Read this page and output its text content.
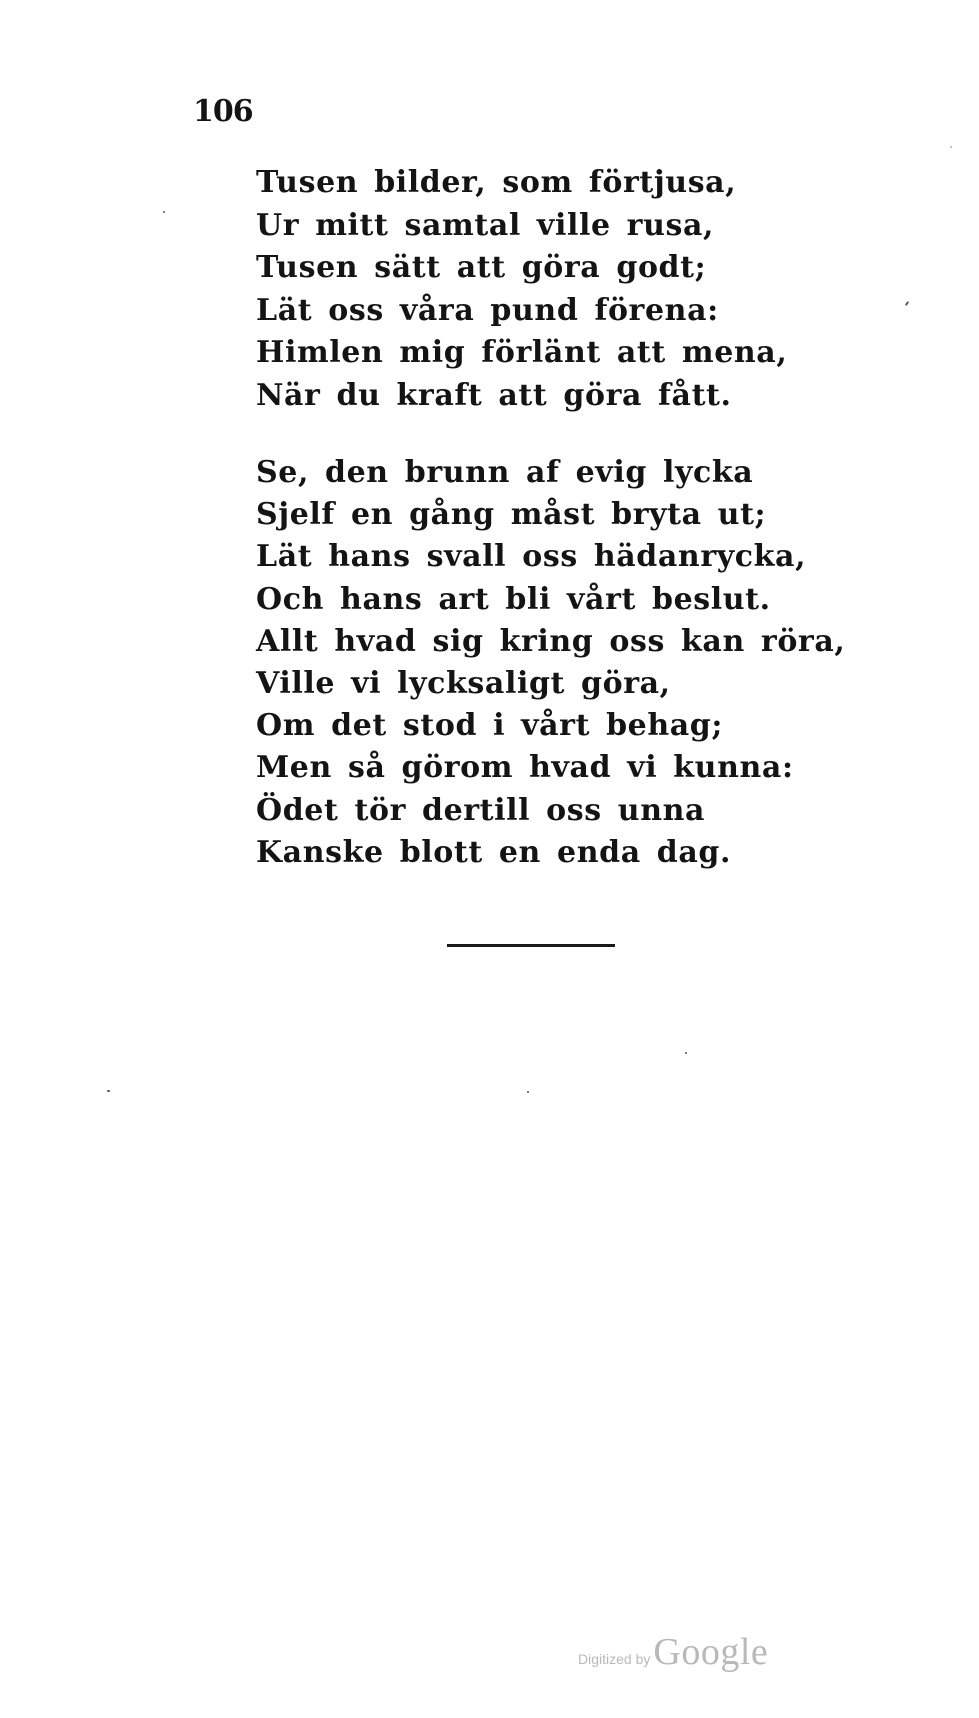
106
Tusen bilder, som förtjusa,
Ur mitt samtal ville rusa,
Tusen sätt att göra godt;
Lät oss våra pund förena:
Himlen mig förlänt att mena,
När du kraft att göra fått.
Se, den brunn af evig lycka
Sjelf en gång måst bryta ut;
Lät hans svall oss hädanrycka,
Och hans art bli vårt beslut.
Allt hvad sig kring oss kan röra,
Ville vi lycksaligt göra,
Om det stod i vårt behag;
Men så görom hvad vi kunna:
Ödet tör dertill oss unna
Kanske blott en enda dag.
Digitized by Google
